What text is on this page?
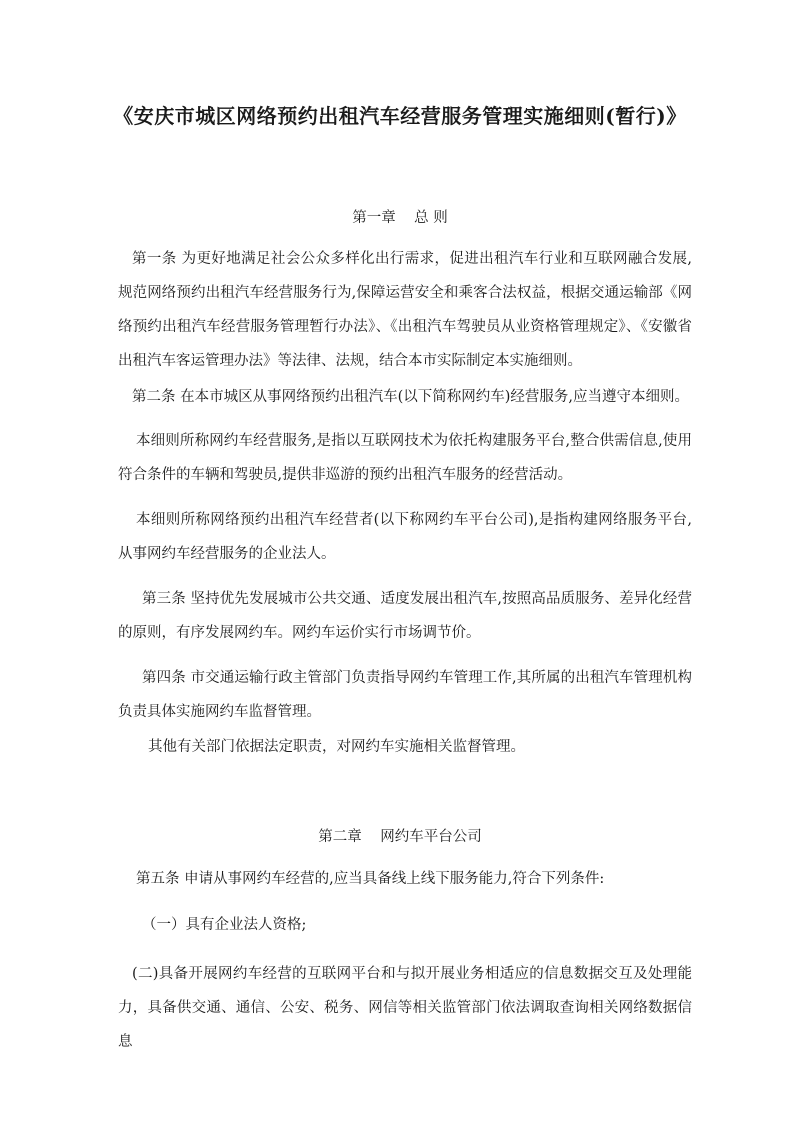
《安庆市城区网络预约出租汽车经营服务管理实施细则(暂行)》
第一章    总 则

第一条 为更好地满足社会公众多样化出行需求，促进出租汽车行业和互联网融合发展,规范网络预约出租汽车经营服务行为,保障运营安全和乘客合法权益，根据交通运输部《网络预约出租汽车经营服务管理暂行办法》、《出租汽车驾驶员从业资格管理规定》、《安徽省出租汽车客运管理办法》等法律、法规，结合本市实际制定本实施细则。

第二条 在本市城区从事网络预约出租汽车(以下简称网约车)经营服务,应当遵守本细则。

本细则所称网约车经营服务,是指以互联网技术为依托构建服务平台,整合供需信息,使用符合条件的车辆和驾驶员,提供非巡游的预约出租汽车服务的经营活动。

本细则所称网络预约出租汽车经营者(以下称网约车平台公司),是指构建网络服务平台,从事网约车经营服务的企业法人。

第三条 坚持优先发展城市公共交通、适度发展出租汽车,按照高品质服务、差异化经营的原则，有序发展网约车。网约车运价实行市场调节价。

第四条 市交通运输行政主管部门负责指导网约车管理工作,其所属的出租汽车管理机构负责具体实施网约车监督管理。

其他有关部门依据法定职责，对网约车实施相关监督管理。

第二章    网约车平台公司

第五条 申请从事网约车经营的,应当具备线上线下服务能力,符合下列条件:

（一）具有企业法人资格;

(二)具备开展网约车经营的互联网平台和与拟开展业务相适应的信息数据交互及处理能力，具备供交通、通信、公安、税务、网信等相关监管部门依法调取查询相关网络数据信息
